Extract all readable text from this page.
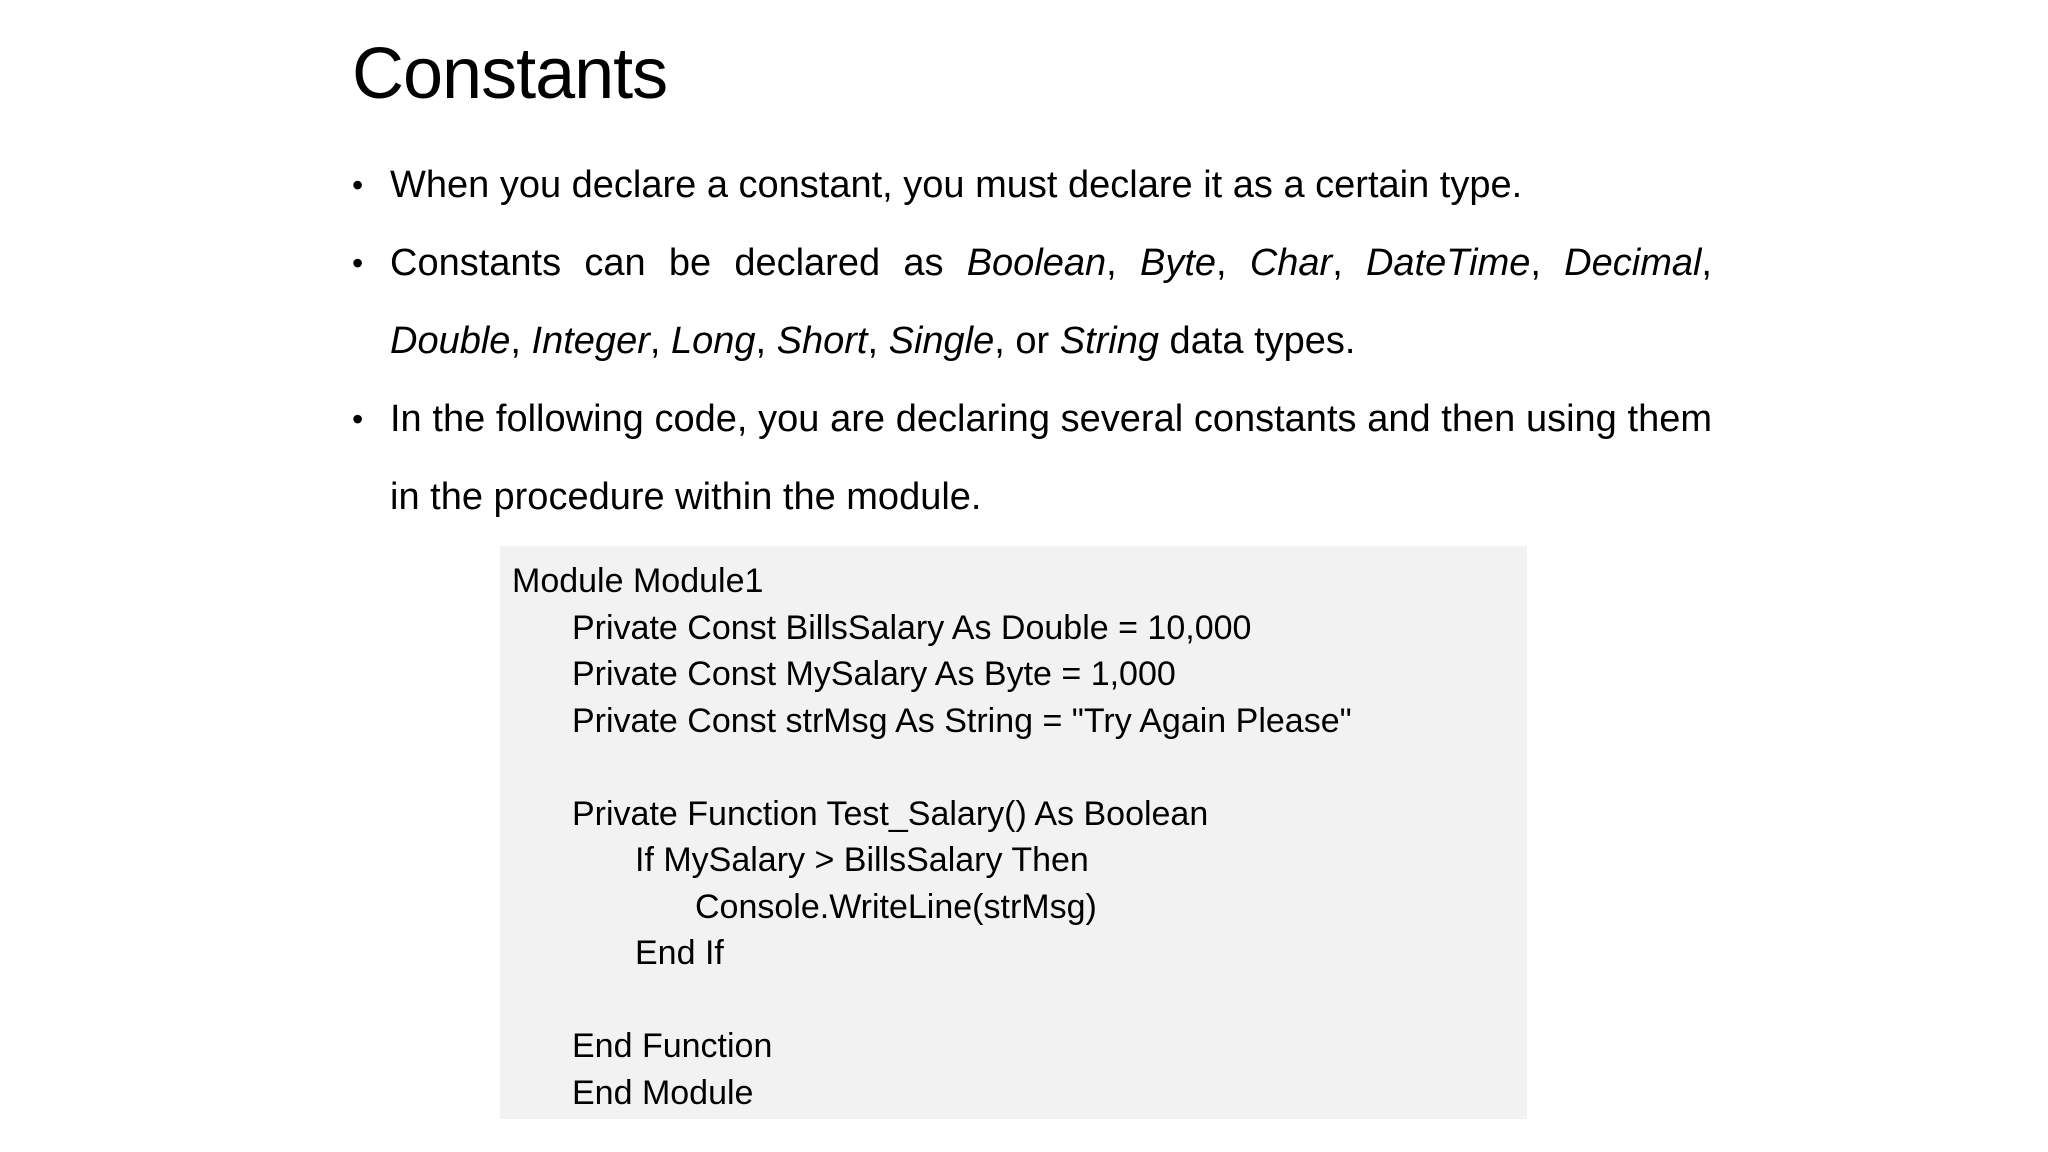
Constants
• When you declare a constant, you must declare it as a certain type.
• Constants can be declared as Boolean, Byte, Char, DateTime, Decimal, Double, Integer, Long, Short, Single, or String data types.
• In the following code, you are declaring several constants and then using them in the procedure within the module.
Module Module1
Private Const BillsSalary As Double = 10,000
Private Const MySalary As Byte = 1,000
Private Const strMsg As String = "Try Again Please"
Private Function Test_Salary() As Boolean
If MySalary > BillsSalary Then
Console.WriteLine(strMsg)
End If
End Function
End Module
